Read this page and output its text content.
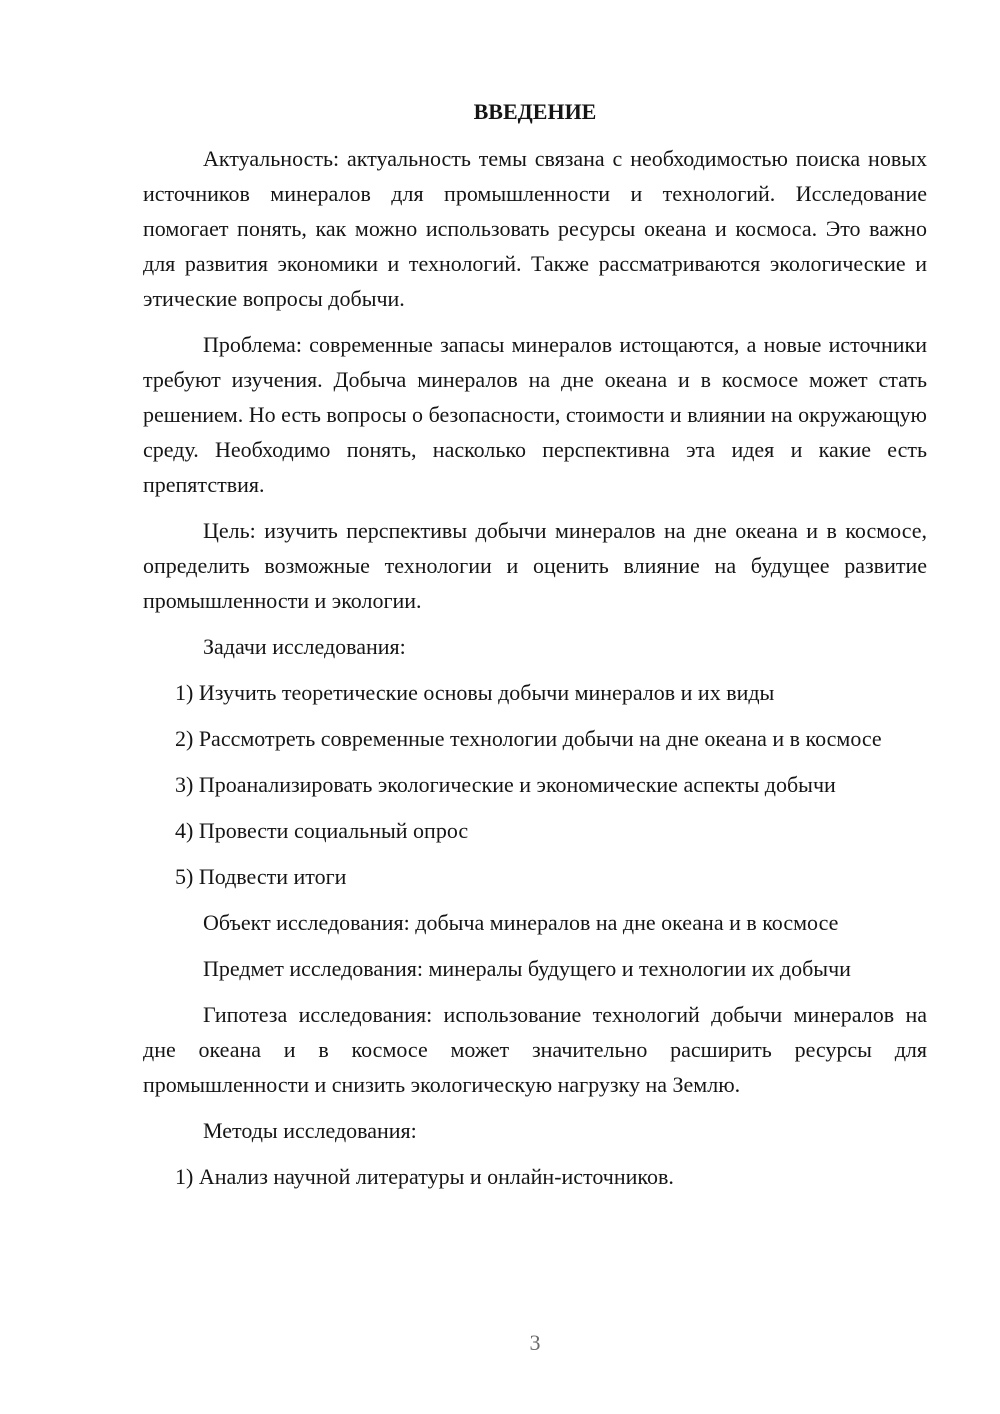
ВВЕДЕНИЕ
Актуальность: актуальность темы связана с необходимостью поиска новых источников минералов для промышленности и технологий. Исследование помогает понять, как можно использовать ресурсы океана и космоса. Это важно для развития экономики и технологий. Также рассматриваются экологические и этические вопросы добычи.
Проблема: современные запасы минералов истощаются, а новые источники требуют изучения. Добыча минералов на дне океана и в космосе может стать решением. Но есть вопросы о безопасности, стоимости и влиянии на окружающую среду. Необходимо понять, насколько перспективна эта идея и какие есть препятствия.
Цель: изучить перспективы добычи минералов на дне океана и в космосе, определить возможные технологии и оценить влияние на будущее развитие промышленности и экологии.
Задачи исследования:
1) Изучить теоретические основы добычи минералов и их виды
2) Рассмотреть современные технологии добычи на дне океана и в космосе
3) Проанализировать экологические и экономические аспекты добычи
4) Провести социальный опрос
5) Подвести итоги
Объект исследования: добыча минералов на дне океана и в космосе
Предмет исследования: минералы будущего и технологии их добычи
Гипотеза исследования: использование технологий добычи минералов на дне океана и в космосе может значительно расширить ресурсы для промышленности и снизить экологическую нагрузку на Землю.
Методы исследования:
1) Анализ научной литературы и онлайн-источников.
3
